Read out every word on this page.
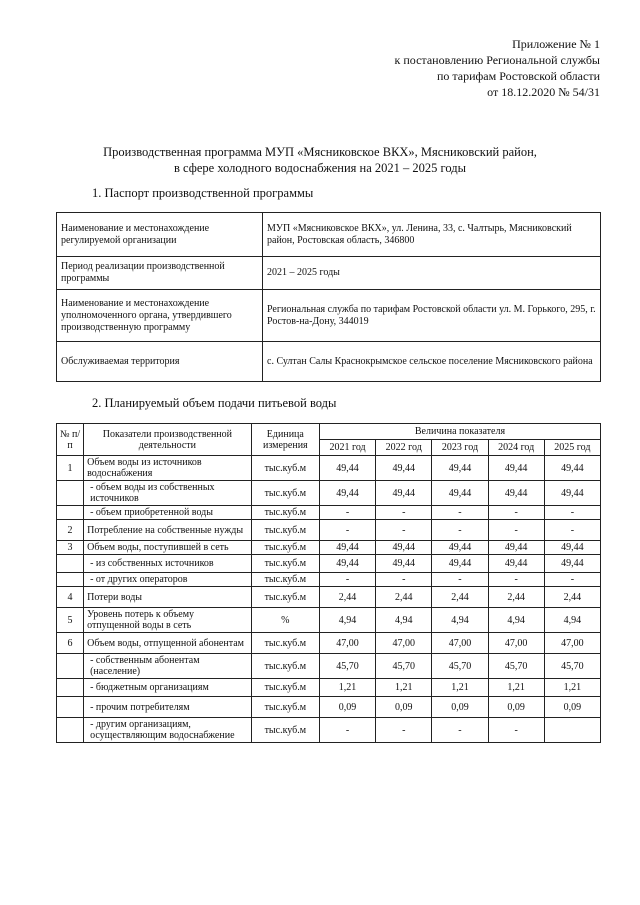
Приложение № 1
к постановлению Региональной службы
по тарифам Ростовской области
от 18.12.2020 № 54/31
Производственная программа МУП «Мясниковское ВКХ», Мясниковский район,
в сфере холодного водоснабжения на 2021 – 2025 годы
1. Паспорт производственной программы
Наименование и местонахождение регулируемой организации	МУП «Мясниковское ВКХ», ул. Ленина, 33, с. Чалтырь, Мясниковский район, Ростовская область, 346800
Период реализации производственной программы	2021 – 2025 годы
Наименование и местонахождение уполномоченного органа, утвердившего производственную программу	Региональная служба по тарифам Ростовской области ул. М. Горького, 295, г. Ростов-на-Дону, 344019
Обслуживаемая территория	с. Султан Салы Краснокрымское сельское поселение Мясниковского района
2. Планируемый объем подачи питьевой воды
№ п/п	Показатели производственной деятельности	Единица измерения	Величина показателя				
			2021 год	2022 год	2023 год	2024 год	2025 год
1	Объем воды из источников водоснабжения	тыс.куб.м	49,44	49,44	49,44	49,44	49,44
	- объем воды из собственных источников	тыс.куб.м	49,44	49,44	49,44	49,44	49,44
	- объем приобретенной воды	тыс.куб.м	-	-	-	-	-
2	Потребление на собственные нужды	тыс.куб.м	-	-	-	-	-
3	Объем воды, поступившей в сеть	тыс.куб.м	49,44	49,44	49,44	49,44	49,44
	- из собственных источников	тыс.куб.м	49,44	49,44	49,44	49,44	49,44
	- от других операторов	тыс.куб.м	-	-	-	-	-
4	Потери воды	тыс.куб.м	2,44	2,44	2,44	2,44	2,44
5	Уровень потерь к объему отпущенной воды в сеть	%	4,94	4,94	4,94	4,94	4,94
6	Объем воды, отпущенной абонентам	тыс.куб.м	47,00	47,00	47,00	47,00	47,00
	- собственным абонентам (население)	тыс.куб.м	45,70	45,70	45,70	45,70	45,70
	- бюджетным организациям	тыс.куб.м	1,21	1,21	1,21	1,21	1,21
	- прочим потребителям	тыс.куб.м	0,09	0,09	0,09	0,09	0,09
	- другим организациям, осуществляющим водоснабжение	тыс.куб.м	-	-	-	-	
